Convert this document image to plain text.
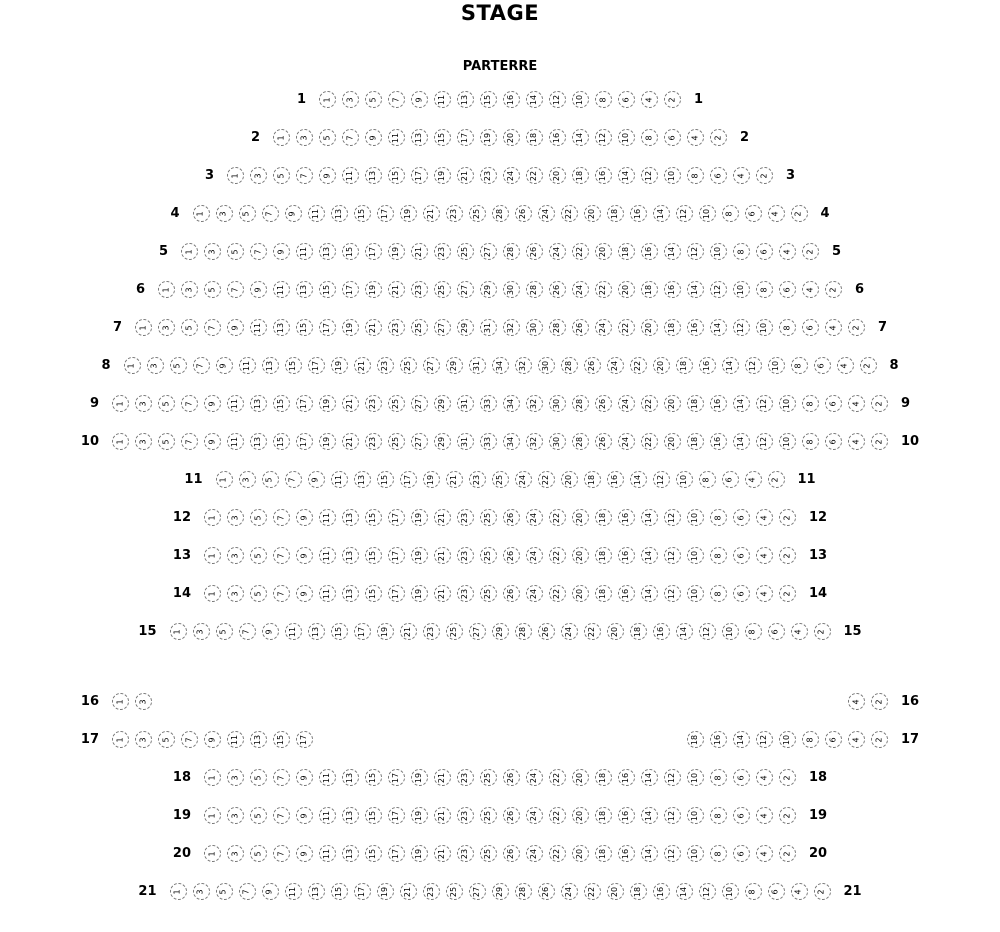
STAGE
PARTERRE
1 1 3 5 7 9 11 13 15 16 14 12 10 8 6 4 2 1
2 1 3 5 7 9 11 13 15 17 19 20 18 16 14 12 10 8 6 4 2 2
3 1 3 5 7 9 11 13 15 17 19 21 23 24 22 20 18 16 14 12 10 8 6 4 2 3
4 1 3 5 7 9 11 13 15 17 19 21 23 25 28 26 24 22 20 18 16 14 12 10 8 6 4 2 4
5 1 3 5 7 9 11 13 15 17 19 21 23 25 27 28 26 24 22 20 18 16 14 12 10 8 6 4 2 5
6 1 3 5 7 9 11 13 15 17 19 21 23 25 27 29 30 28 26 24 22 20 18 16 14 12 10 8 6 4 2 6
7 1 3 5 7 9 11 13 15 17 19 21 23 25 27 29 31 32 30 28 26 24 22 20 18 16 14 12 10 8 6 4 2 7
8 1 3 5 7 9 11 13 15 17 19 21 23 25 27 29 31 34 32 30 28 26 24 22 20 18 16 14 12 10 8 6 4 2 8
9 1 3 5 7 9 11 13 15 17 19 21 23 25 27 29 31 33 34 32 30 28 26 24 22 20 18 16 14 12 10 8 6 4 2 9
10 1 3 5 7 9 11 13 15 17 19 21 23 25 27 29 31 33 34 32 30 28 26 24 22 20 18 16 14 12 10 8 6 4 2 10
11 1 3 5 7 9 11 13 15 17 19 21 23 25 24 22 20 18 16 14 12 10 8 6 4 2 11
12 1 3 5 7 9 11 13 15 17 19 21 23 25 26 24 22 20 18 16 14 12 10 8 6 4 2 12
13 1 3 5 7 9 11 13 15 17 19 21 23 25 26 24 22 20 18 16 14 12 10 8 6 4 2 13
14 1 3 5 7 9 11 13 15 17 19 21 23 25 26 24 22 20 18 16 14 12 10 8 6 4 2 14
15 1 3 5 7 9 11 13 15 17 19 21 23 25 27 29 28 26 24 22 20 18 16 14 12 10 8 6 4 2 15
16 1 3	4 2 16
17 1 3 5 7 9 11 13 15 17	18 16 14 12 10 8 6 4 2 17
18 1 3 5 7 9 11 13 15 17 19 21 23 25 26 24 22 20 18 16 14 12 10 8 6 4 2 18
19 1 3 5 7 9 11 13 15 17 19 21 23 25 26 24 22 20 18 16 14 12 10 8 6 4 2 19
20 1 3 5 7 9 11 13 15 17 19 21 23 25 26 24 22 20 18 16 14 12 10 8 6 4 2 20
21 1 3 5 7 9 11 13 15 17 19 21 23 25 27 29 28 26 24 22 20 18 16 14 12 10 8 6 4 2 21
